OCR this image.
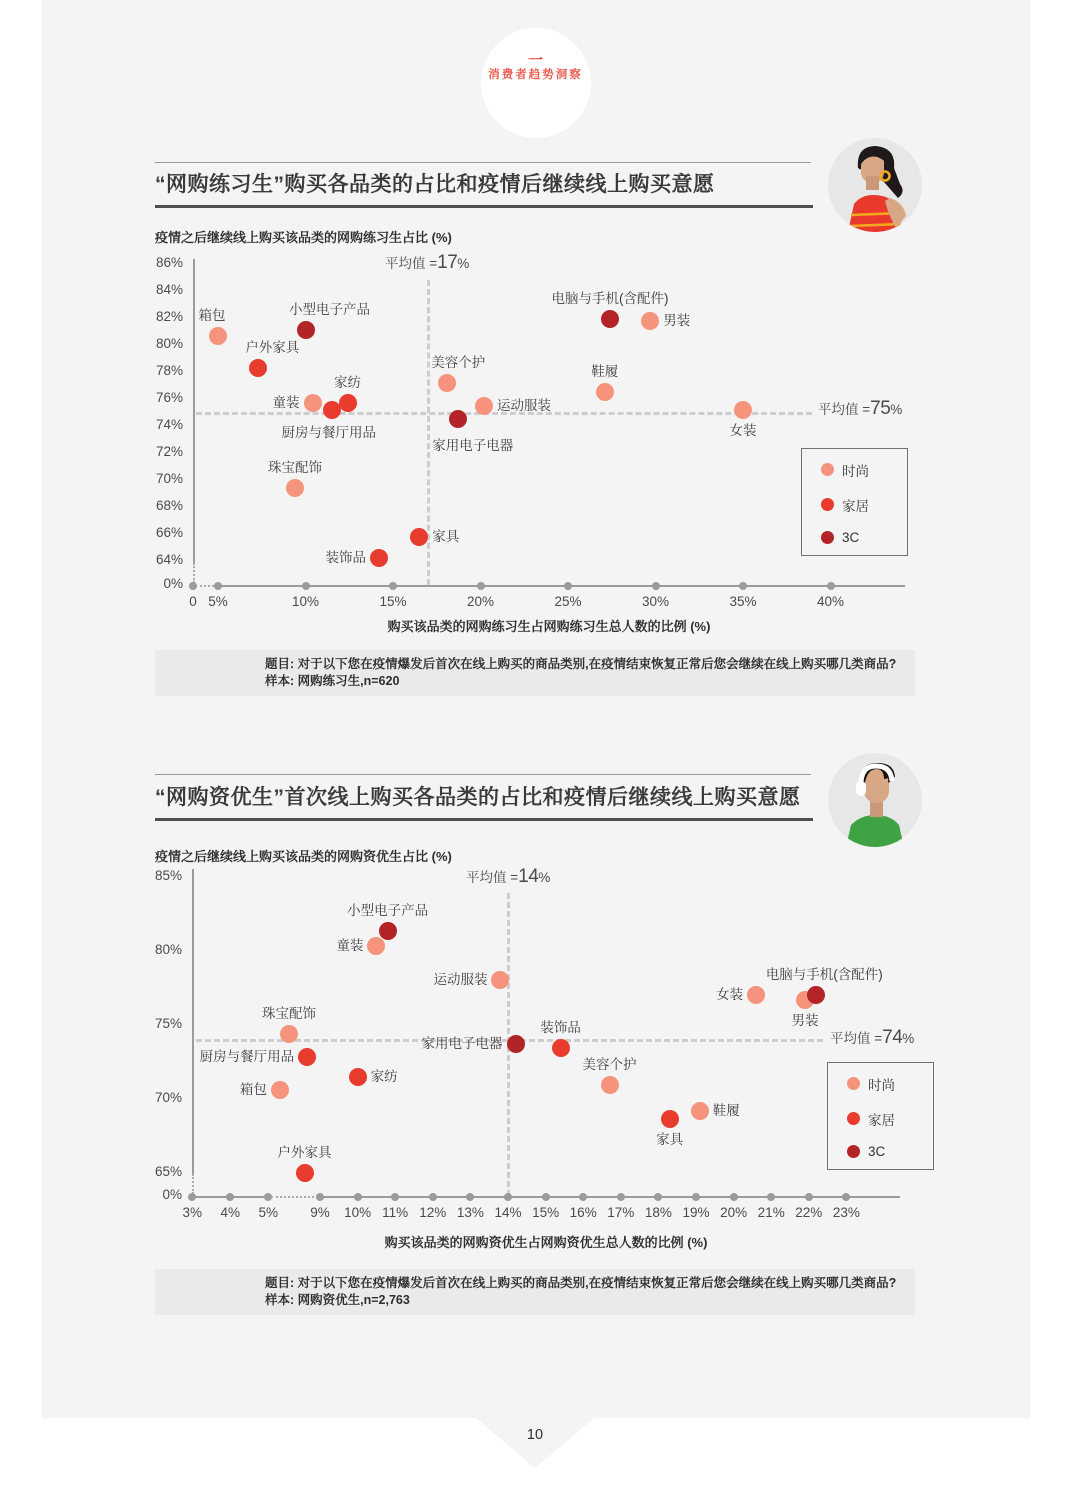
一
消费者趋势洞察
“网购练习生”购买各品类的占比和疫情后继续线上购买意愿
疫情之后继续线上购买该品类的网购练习生占比 (%)
购买该品类的网购练习生占网购练习生总人数的比例 (%)
时尚
家居
3C
题目: 对于以下您在疫情爆发后首次在线上购买的商品类别,在疫情结束恢复正常后您会继续在线上购买哪几类商品?
样本: 网购练习生,n=620
“网购资优生”首次线上购买各品类的占比和疫情后继续线上购买意愿
疫情之后继续线上购买该品类的网购资优生占比 (%)
购买该品类的网购资优生占网购资优生总人数的比例 (%)
时尚
家居
3C
题目: 对于以下您在疫情爆发后首次在线上购买的商品类别,在疫情结束恢复正常后您会继续在线上购买哪几类商品?
样本: 网购资优生,n=2,763
平均值 = 17 %
平均值 = 75 %
0 5%	10%	15%	20%	25%	30%	35%	40%
86%
84%
82%
80%
78%
76%
74%
72%
70%
68%
66%
64%
0%
箱包
户外家具
小型电子产品
童装
厨房与餐厅用品
家纺
珠宝配饰
装饰品
家具
美容个护
运动服装
家用电子电器
鞋履
电脑与手机(含配件)
男装
女装
平均值 = 14 %
平均值 = 74 %
3%	4%	5%	9%	10% 11% 12% 13% 14% 15% 16% 17% 18% 19% 20% 21% 22% 23%
85%
80%
75%
70%
65%
0%
小型电子产品
童装
运动服装
珠宝配饰
厨房与餐厅用品
箱包
家纺
户外家具
家用电子电器
装饰品
美容个护
家具
鞋履
女装
男装
电脑与手机(含配件)
10
